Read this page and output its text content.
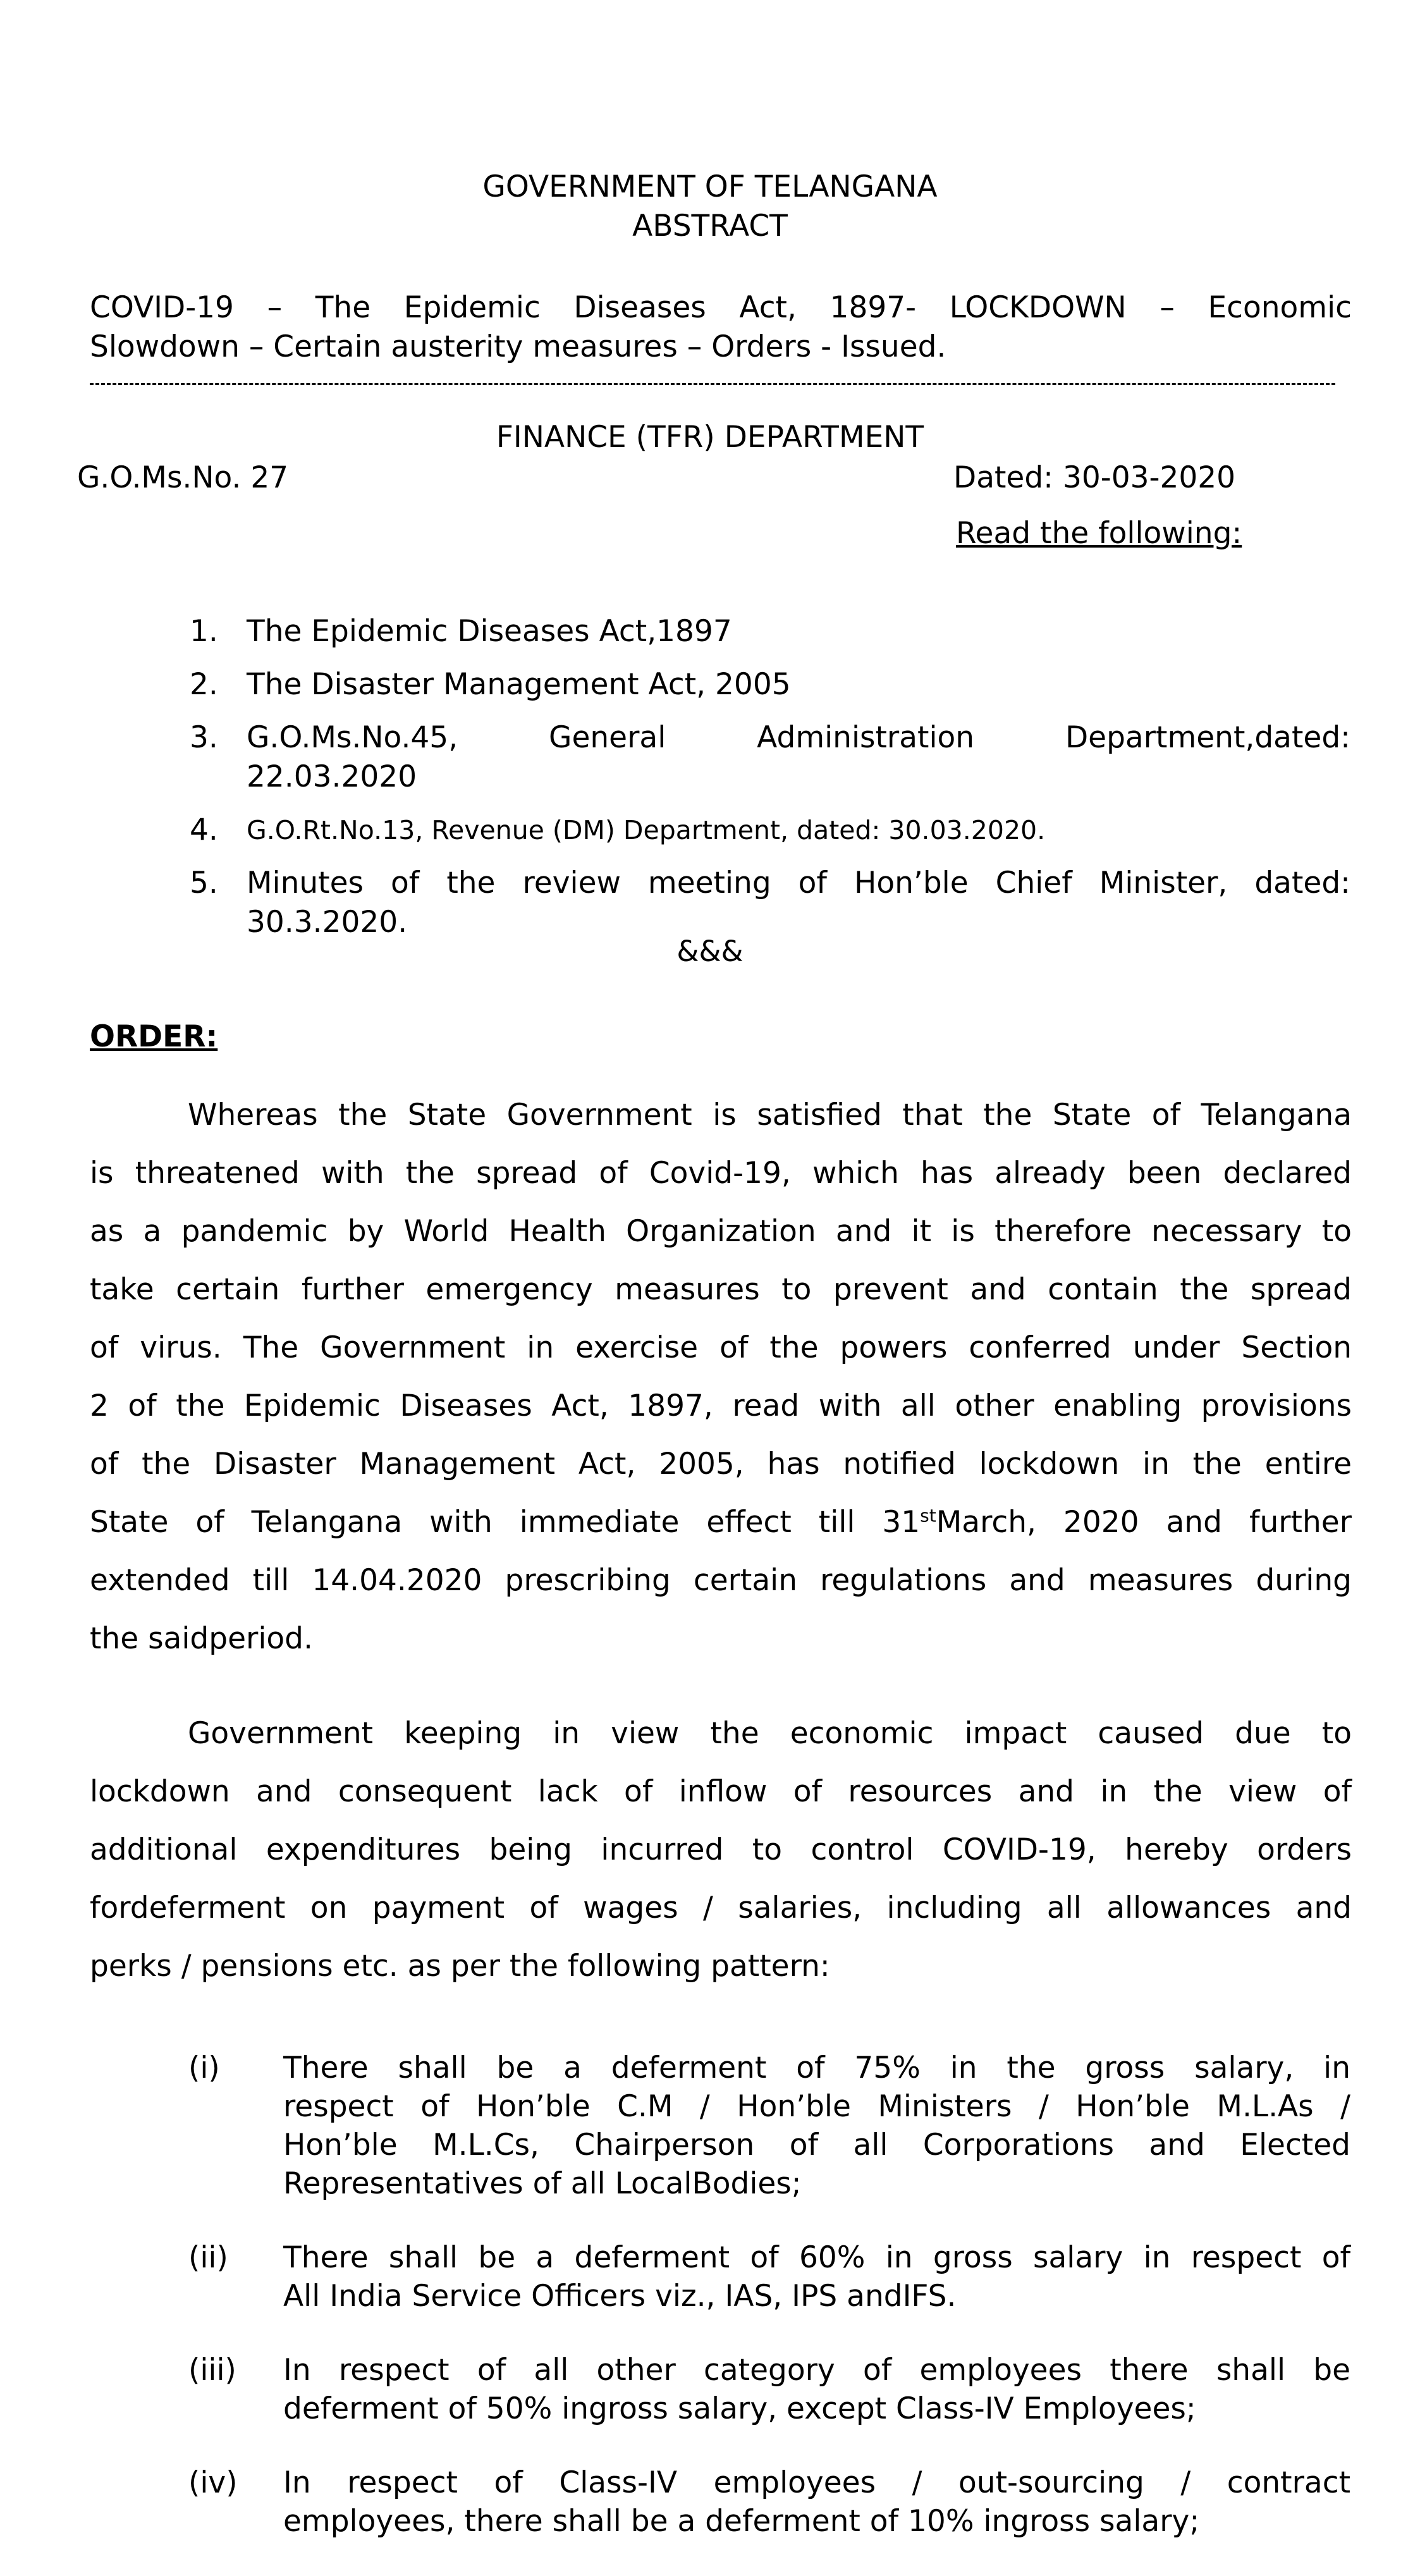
GOVERNMENT OF TELANGANA
ABSTRACT
COVID-19 – The Epidemic Diseases Act, 1897- LOCKDOWN – Economic
Slowdown – Certain austerity measures – Orders - Issued.
FINANCE (TFR) DEPARTMENT
G.O.Ms.No. 27	Dated: 30-03-2020
Read the following:
1. The Epidemic Diseases Act,1897
2. The Disaster Management Act, 2005
3. G.O.Ms.No.45, General Administration Department,dated:
22.03.2020
4.	G.O.Rt.No.13, Revenue (DM) Department, dated: 30.03.2020.
5. Minutes of the review meeting of Hon’ble Chief Minister, dated:
30.3.2020.
&&&
ORDER:
Whereas the State Government is satisfied that the State of Telangana
is threatened with the spread of Covid-19, which has already been declared
as a pandemic by World Health Organization and it is therefore necessary to
take certain further emergency measures to prevent and contain the spread
of virus. The Government in exercise of the powers conferred under Section
2 of the Epidemic Diseases Act, 1897, read with all other enabling provisions
of the Disaster Management Act, 2005, has notified lockdown in the entire
State of Telangana with immediate effect till 31stMarch, 2020 and further
extended till 14.04.2020 prescribing certain regulations and measures during
the saidperiod.
Government keeping in view the economic impact caused due to
lockdown and consequent lack of inflow of resources and in the view of
additional expenditures being incurred to control COVID-19, hereby orders
fordeferment on payment of wages / salaries, including all allowances and
perks / pensions etc. as per the following pattern:
(i)	There shall be a deferment of 75% in the gross salary, in
respect of Hon’ble C.M / Hon’ble Ministers / Hon’ble M.L.As /
Hon’ble M.L.Cs, Chairperson of all Corporations and Elected
Representatives of all LocalBodies;
(ii)	There shall be a deferment of 60% in gross salary in respect of
All India Service Officers viz., IAS, IPS andIFS.
(iii)	In respect of all other category of employees there shall be
deferment of 50% ingross salary, except Class-IV Employees;
(iv)	In respect of Class-IV employees / out-sourcing / contract
employees, there shall be a deferment of 10% ingross salary;
